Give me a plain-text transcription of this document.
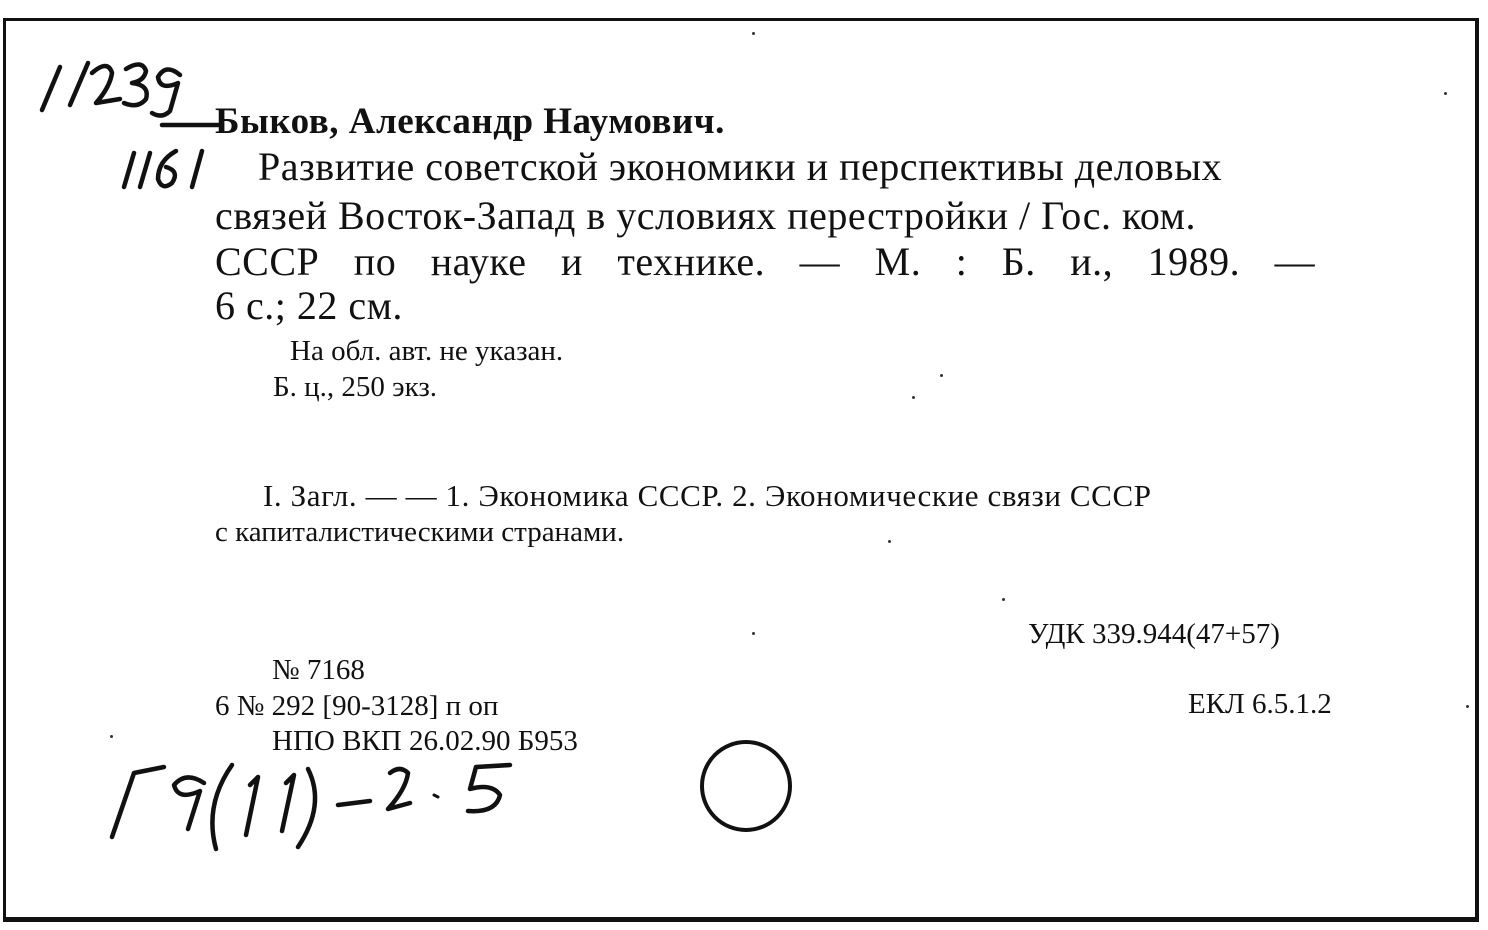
Быков, Александр Наумович.
Развитие советской экономики и перспективы деловых
связей Восток-Запад в условиях перестройки / Гос. ком.
СССР по науке и технике. — М. : Б. и., 1989. —
6 с.; 22 см.
На обл. авт. не указан.
Б. ц., 250 экз.
I. Загл. — — 1. Экономика СССР. 2. Экономические связи СССР
с капиталистическими странами.
УДК 339.944(47+57)
ЕКЛ 6.5.1.2
№ 7168
6 № 292 [90-3128] п оп
НПО ВКП 26.02.90 Б953
